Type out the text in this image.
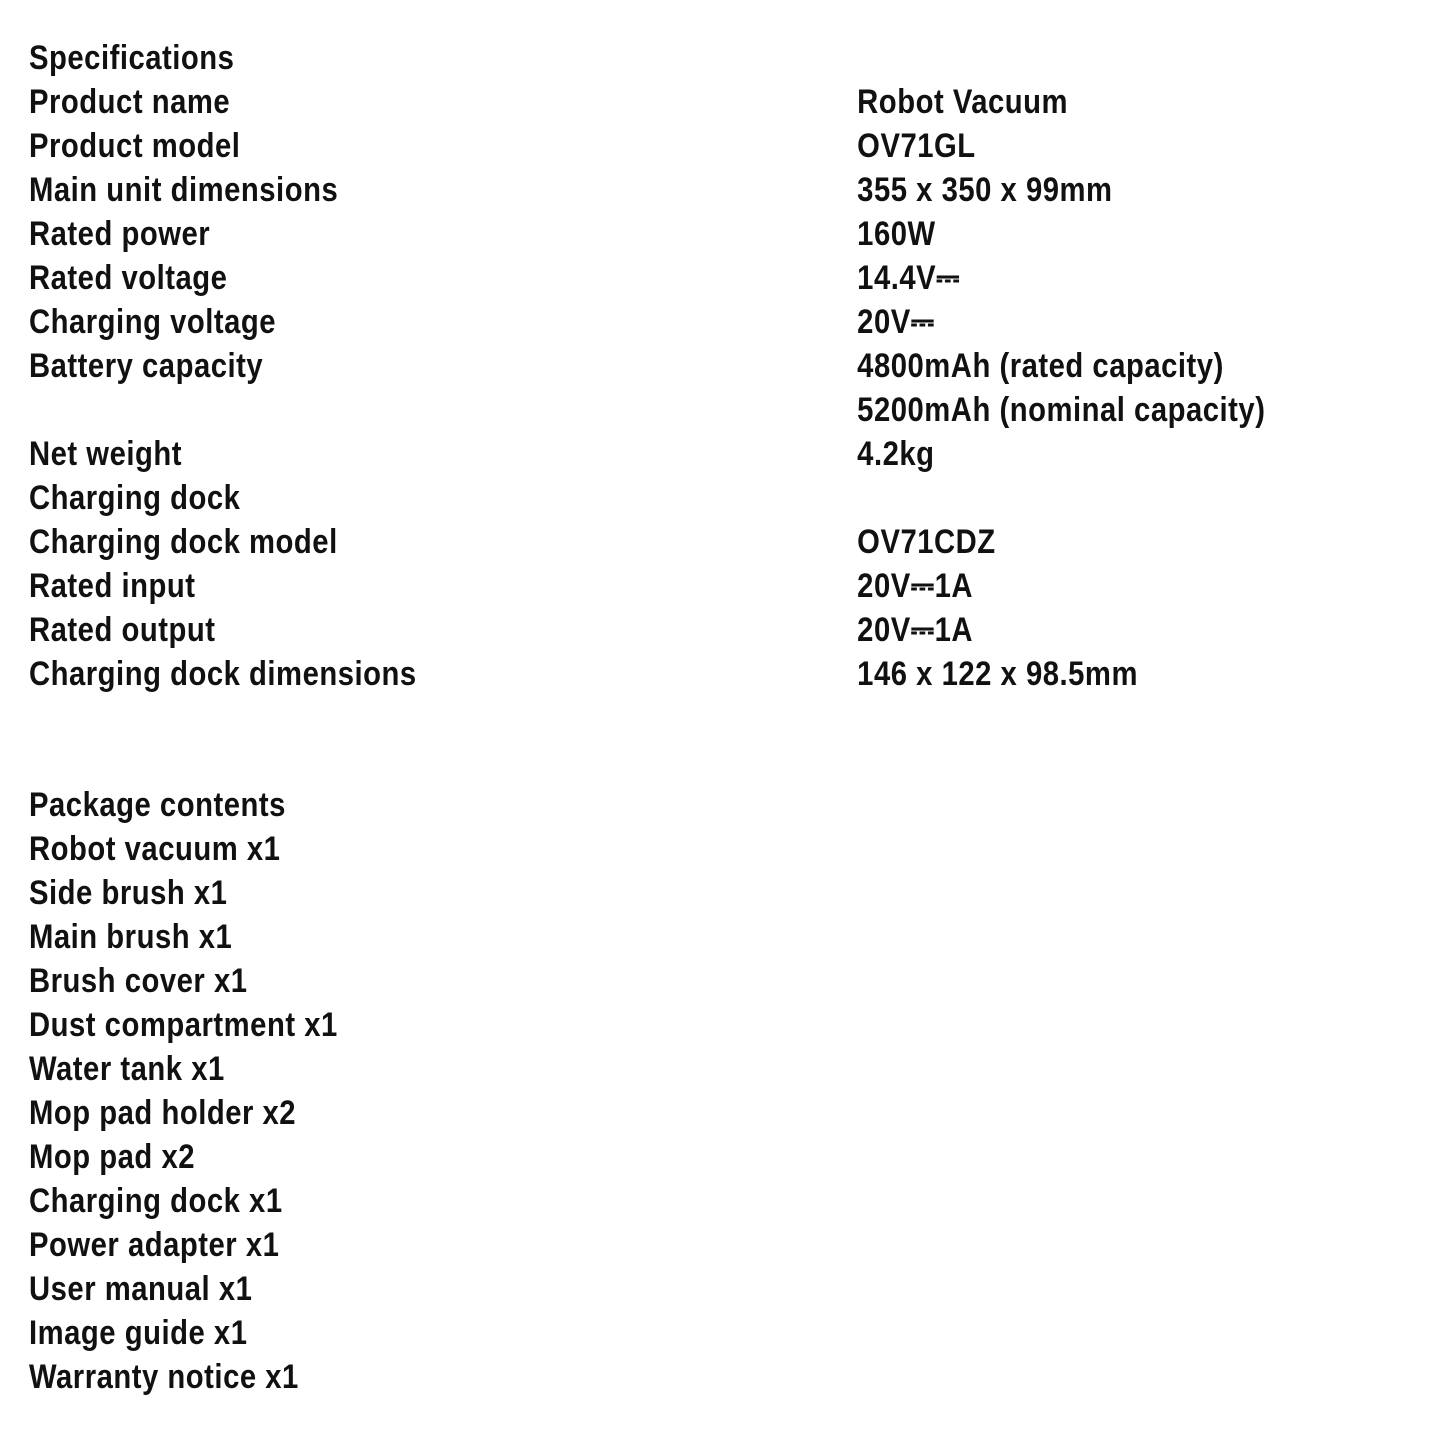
Specifications
Product name	Robot Vacuum
Product model	OV71GL
Main unit dimensions	355 x 350 x 99mm
Rated power	160W
Rated voltage	14.4V⎓
Charging voltage	20V⎓
Battery capacity	4800mAh (rated capacity)
5200mAh (nominal capacity)
Net weight	4.2kg
Charging dock
Charging dock model	OV71CDZ
Rated input	20V⎓1A
Rated output	20V⎓1A
Charging dock dimensions	146 x 122 x 98.5mm
Package contents
Robot vacuum x1
Side brush x1
Main brush x1
Brush cover x1
Dust compartment x1
Water tank x1
Mop pad holder x2
Mop pad x2
Charging dock x1
Power adapter x1
User manual x1
Image guide x1
Warranty notice x1
